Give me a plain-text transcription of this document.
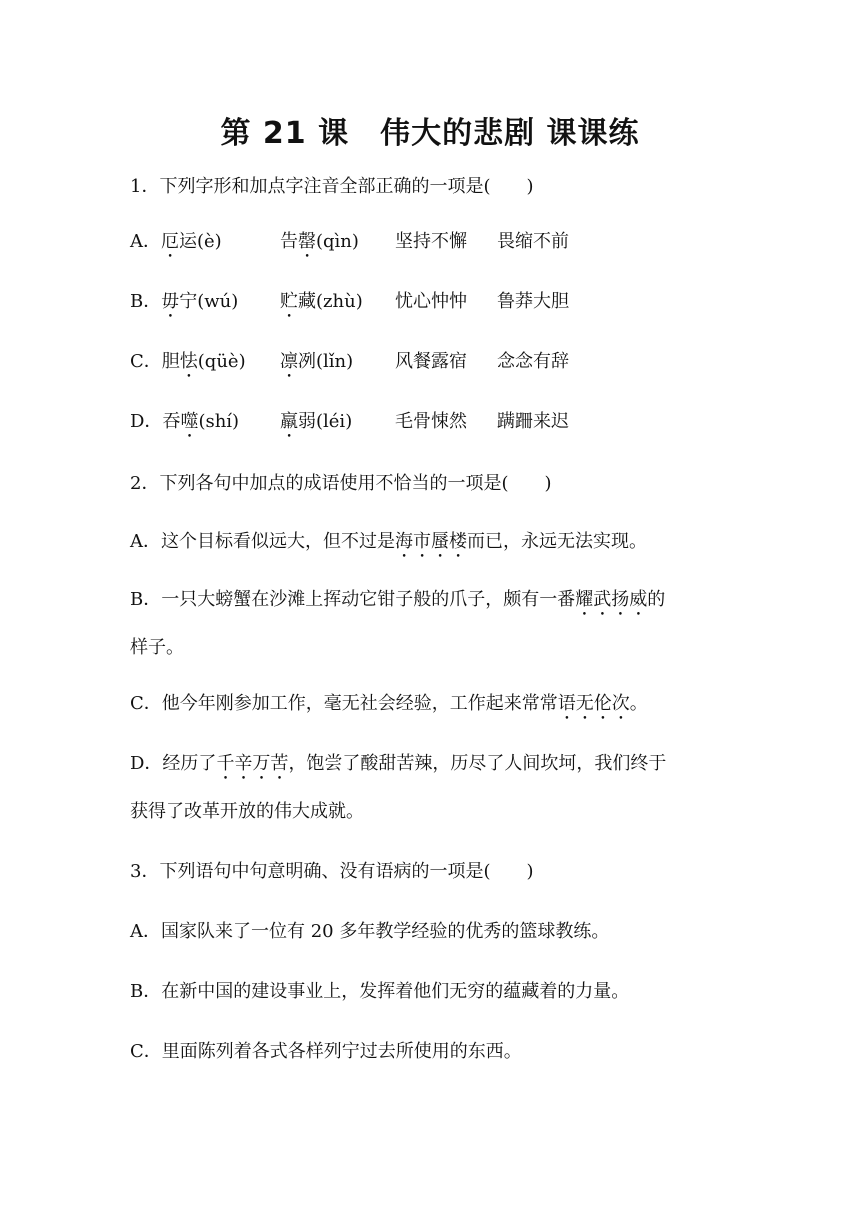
第 21 课　伟大的悲剧 课课练
1．下列字形和加点字注音全部正确的一项是(　　)
A．厄运(è)	告罄(qìn) 坚持不懈 畏缩不前
B．毋宁(wú) 贮藏(zhù) 忧心忡忡 鲁莽大胆
C．胆怯(qüè) 凛冽(lǐn) 风餐露宿 念念有辞
D．吞噬(shí) 羸弱(léi) 毛骨悚然 蹒跚来迟
2．下列各句中加点的成语使用不恰当的一项是(　　)
A．这个目标看似远大，但不过是海市蜃楼而已，永远无法实现。
B．一只大螃蟹在沙滩上挥动它钳子般的爪子，颇有一番耀武扬威的
样子。
C．他今年刚参加工作，毫无社会经验，工作起来常常语无伦次。
D．经历了千辛万苦，饱尝了酸甜苦辣，历尽了人间坎坷，我们终于
获得了改革开放的伟大成就。
3．下列语句中句意明确、没有语病的一项是(　　)
A．国家队来了一位有 20 多年教学经验的优秀的篮球教练。
B．在新中国的建设事业上，发挥着他们无穷的蕴藏着的力量。
C．里面陈列着各式各样列宁过去所使用的东西。
